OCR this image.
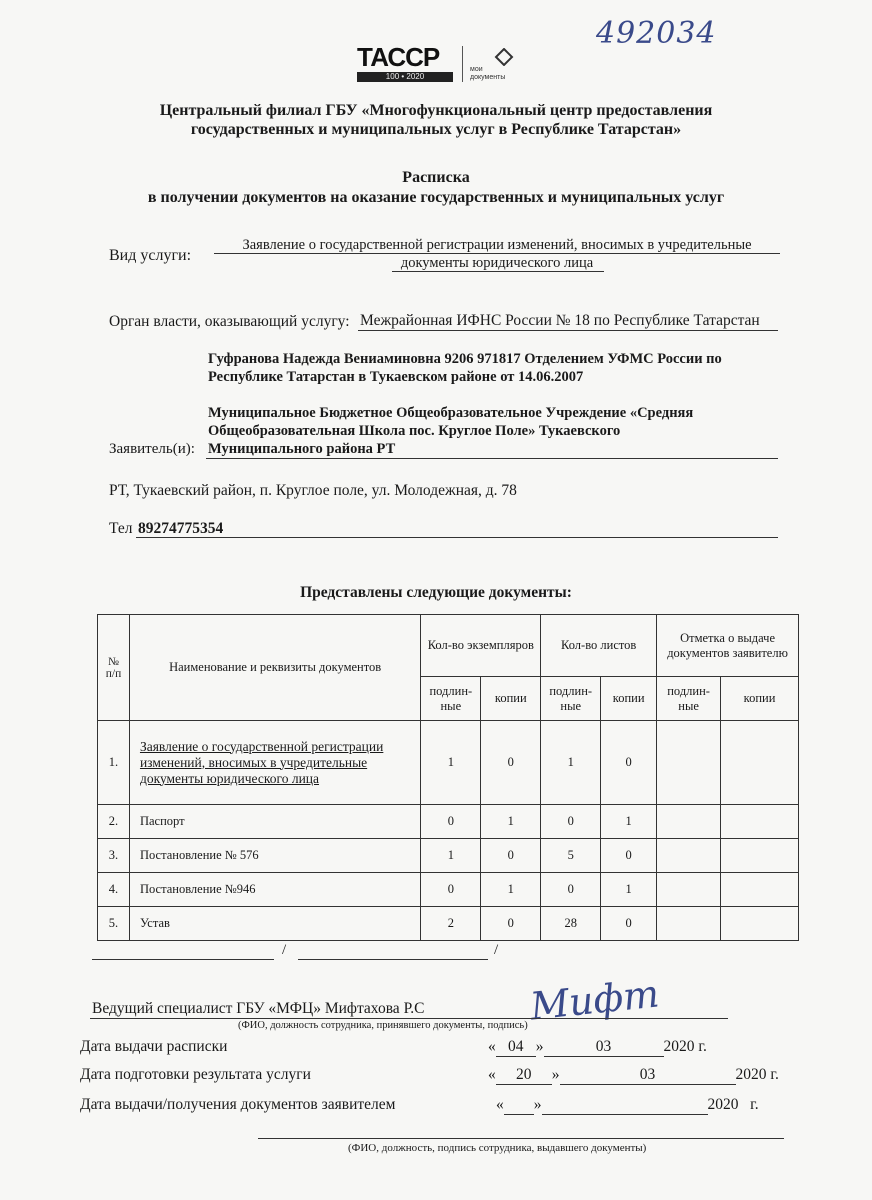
492034
ТАССР
100 • 2020
мои документы
Центральный филиал ГБУ «Многофункциональный центр предоставления
государственных и муниципальных услуг в Республике Татарстан»
Расписка
в получении документов на оказание государственных и муниципальных услуг
Вид услуги:
Заявление о государственной регистрации изменений, вносимых в учредительные
документы юридического лица
Орган власти, оказывающий услугу: Межрайонная ИФНС России № 18 по Республике Татарстан
Гуфранова Надежда Вениаминовна 9206 971817 Отделением УФМС России по
Республике Татарстан в Тукаевском районе от 14.06.2007
Муниципальное Бюджетное Общеобразовательное Учреждение «Средняя
Общеобразовательная Школа пос. Круглое Поле» Тукаевского
Муниципального района РТ
Заявитель(и):
РТ, Тукаевский район, п. Круглое поле, ул. Молодежная, д. 78
Тел 89274775354
Представлены следующие документы:
№ п/п	Наименование и реквизиты документов	Кол-во экземпляров		Кол-во листов		Отметка о выдаче документов заявителю	
		подлин-ные	копии	подлин-ные	копии	подлин-ные	копии
1.	Заявление о государственной регистрации изменений, вносимых в учредительные документы юридического лица	1	0	1	0		
2.	Паспорт	0	1	0	1		
3.	Постановление № 576	1	0	5	0		
4.	Постановление №946	0	1	0	1		
5.	Устав	2	0	28	0		
/	/
Ведущий специалист ГБУ «МФЦ» Мифтахова Р.С	Мифт
(ФИО, должность сотрудника, принявшего документы, подпись)
Дата выдачи расписки	« 04 »	03	2020 г.
Дата подготовки результата услуги	« 20 »	03	2020 г.
Дата выдачи/получения документов заявителем	« »	2020   г.
(ФИО, должность, подпись сотрудника, выдавшего документы)
